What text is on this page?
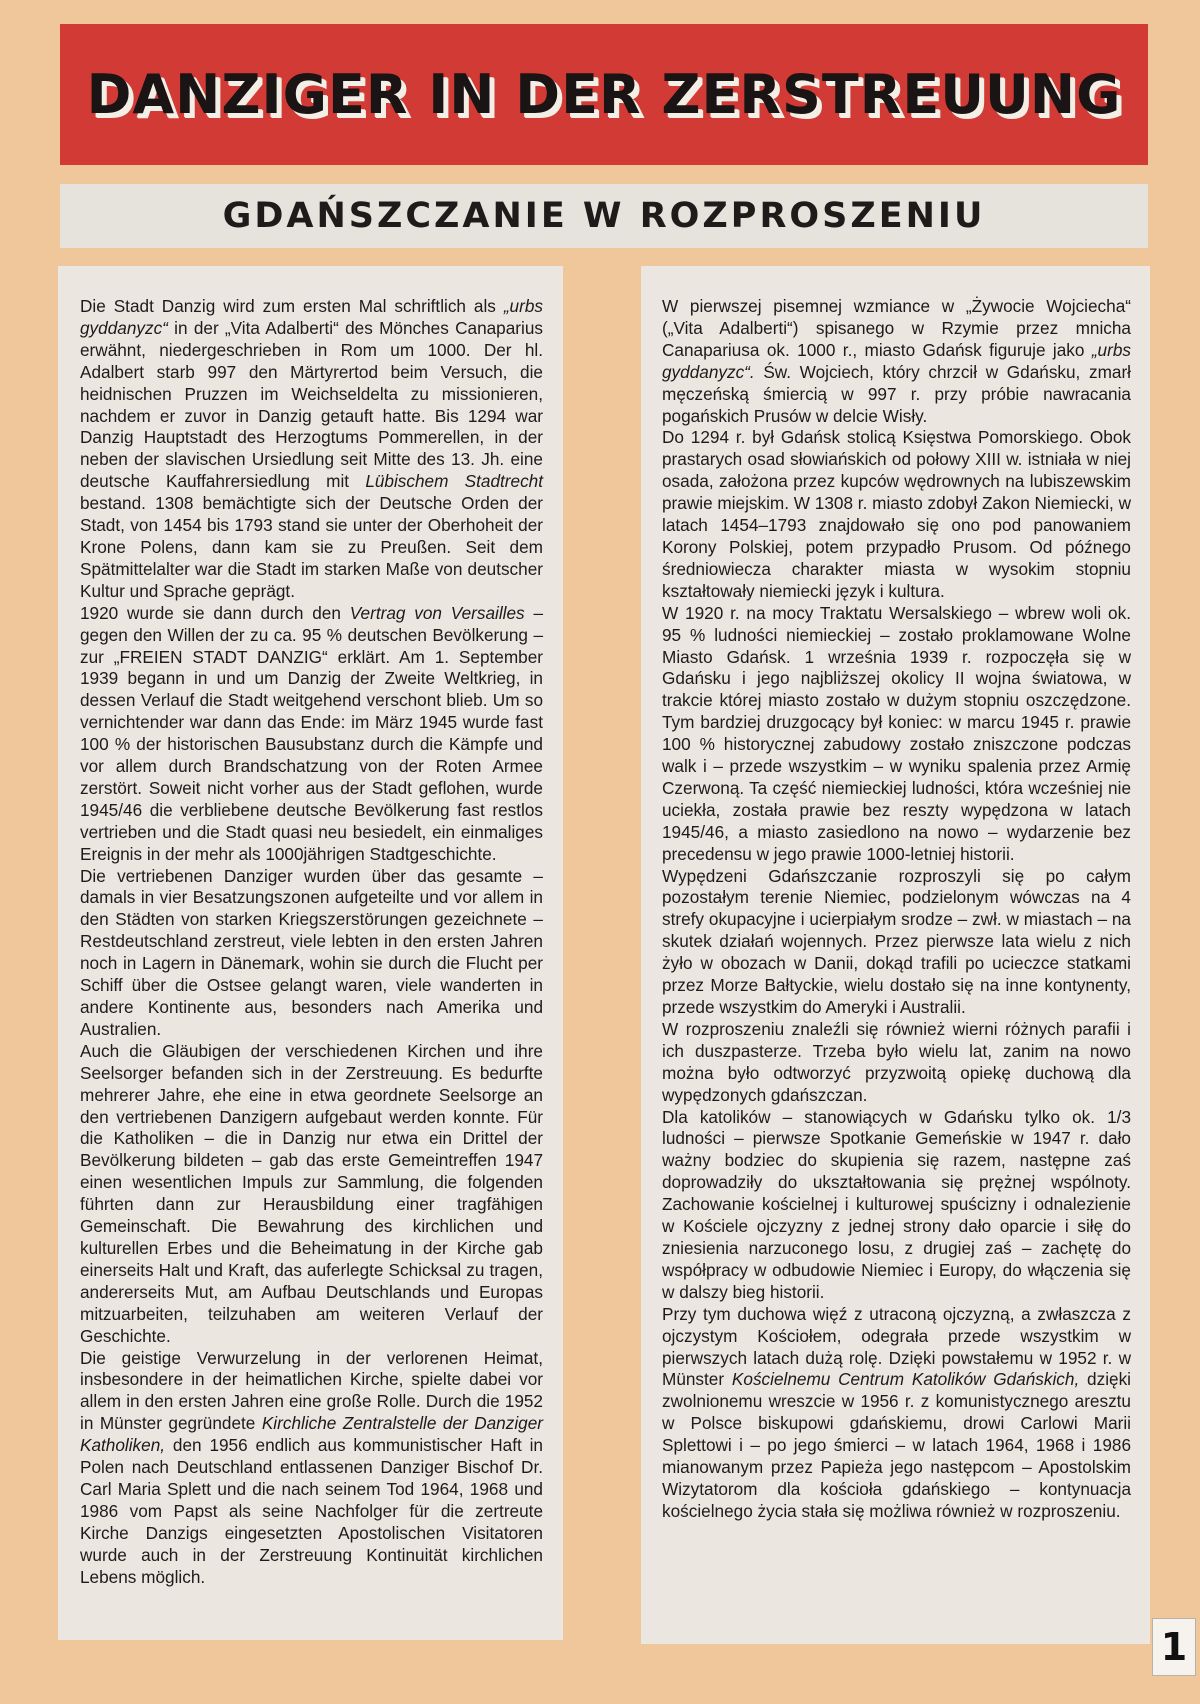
DANZIGER IN DER ZERSTREUUNG
GDAŃSZCZANIE W ROZPROSZENIU

Die Stadt Danzig wird zum ersten Mal schriftlich als „urbs gyddanyzc“ in der „Vita Adalberti“ des Mönches Canaparius erwähnt, niedergeschrieben in Rom um 1000. Der hl. Adalbert starb 997 den Märtyrertod beim Versuch, die heidnischen Pruzzen im Weichseldelta zu missionieren, nachdem er zuvor in Danzig getauft hatte. Bis 1294 war Danzig Hauptstadt des Herzogtums Pommerellen, in der neben der slavischen Ursiedlung seit Mitte des 13. Jh. eine deutsche Kauffahrersiedlung mit Lübischem Stadtrecht bestand. 1308 bemächtigte sich der Deutsche Orden der Stadt, von 1454 bis 1793 stand sie unter der Oberhoheit der Krone Polens, dann kam sie zu Preußen. Seit dem Spätmittelalter war die Stadt im starken Maße von deutscher Kultur und Sprache geprägt.

1920 wurde sie dann durch den Vertrag von Versailles – gegen den Willen der zu ca. 95 % deutschen Bevölkerung – zur „FREIEN STADT DANZIG“ erklärt. Am 1. September 1939 begann in und um Danzig der Zweite Weltkrieg, in dessen Verlauf die Stadt weitgehend verschont blieb. Um so vernichtender war dann das Ende: im März 1945 wurde fast 100 % der historischen Bausubstanz durch die Kämpfe und vor allem durch Brandschatzung von der Roten Armee zerstört. Soweit nicht vorher aus der Stadt geflohen, wurde 1945/46 die verbliebene deutsche Bevölkerung fast restlos vertrieben und die Stadt quasi neu besiedelt, ein einmaliges Ereignis in der mehr als 1000jährigen Stadtgeschichte.

Die vertriebenen Danziger wurden über das gesamte – damals in vier Besatzungszonen aufgeteilte und vor allem in den Städten von starken Kriegszerstörungen gezeichnete – Restdeutschland zerstreut, viele lebten in den ersten Jahren noch in Lagern in Dänemark, wohin sie durch die Flucht per Schiff über die Ostsee gelangt waren, viele wanderten in andere Kontinente aus, besonders nach Amerika und Australien.

Auch die Gläubigen der verschiedenen Kirchen und ihre Seelsorger befanden sich in der Zerstreuung. Es bedurfte mehrerer Jahre, ehe eine in etwa geordnete Seelsorge an den vertriebenen Danzigern aufgebaut werden konnte. Für die Katholiken – die in Danzig nur etwa ein Drittel der Bevölkerung bildeten – gab das erste Gemeintreffen 1947 einen wesentlichen Impuls zur Sammlung, die folgenden führten dann zur Herausbildung einer tragfähigen Gemeinschaft. Die Bewahrung des kirchlichen und kulturellen Erbes und die Beheimatung in der Kirche gab einerseits Halt und Kraft, das auferlegte Schicksal zu tragen, andererseits Mut, am Aufbau Deutschlands und Europas mitzuarbeiten, teilzuhaben am weiteren Verlauf der Geschichte.

Die geistige Verwurzelung in der verlorenen Heimat, insbesondere in der heimatlichen Kirche, spielte dabei vor allem in den ersten Jahren eine große Rolle. Durch die 1952 in Münster gegründete Kirchliche Zentralstelle der Danziger Katholiken, den 1956 endlich aus kommunistischer Haft in Polen nach Deutschland entlassenen Danziger Bischof Dr. Carl Maria Splett und die nach seinem Tod 1964, 1968 und 1986 vom Papst als seine Nachfolger für die zertreute Kirche Danzigs eingesetzten Apostolischen Visitatoren wurde auch in der Zerstreuung Kontinuität kirchlichen Lebens möglich.

W pierwszej pisemnej wzmiance w „Żywocie Wojciecha“ („Vita Adalberti“) spisanego w Rzymie przez mnicha Canapariusa ok. 1000 r., miasto Gdańsk figuruje jako „urbs gyddanyzc“. Św. Wojciech, który chrzcił w Gdańsku, zmarł męczeńską śmiercią w 997 r. przy próbie nawracania pogańskich Prusów w delcie Wisły.

Do 1294 r. był Gdańsk stolicą Księstwa Pomorskiego. Obok prastarych osad słowiańskich od połowy XIII w. istniała w niej osada, założona przez kupców wędrownych na lubiszewskim prawie miejskim. W 1308 r. miasto zdobył Zakon Niemiecki, w latach 1454–1793 znajdowało się ono pod panowaniem Korony Polskiej, potem przypadło Prusom. Od późnego średniowiecza charakter miasta w wysokim stopniu kształtowały niemiecki język i kultura.

W 1920 r. na mocy Traktatu Wersalskiego – wbrew woli ok. 95 % ludności niemieckiej – zostało proklamowane Wolne Miasto Gdańsk. 1 września 1939 r. rozpoczęła się w Gdańsku i jego najbliższej okolicy II wojna światowa, w trakcie której miasto zostało w dużym stopniu oszczędzone. Tym bardziej druzgocący był koniec: w marcu 1945 r. prawie 100 % historycznej zabudowy zostało zniszczone podczas walk i – przede wszystkim – w wyniku spalenia przez Armię Czerwoną. Ta część niemieckiej ludności, która wcześniej nie uciekła, została prawie bez reszty wypędzona w latach 1945/46, a miasto zasiedlono na nowo – wydarzenie bez precedensu w jego prawie 1000-letniej historii.

Wypędzeni Gdańszczanie rozproszyli się po całym pozostałym terenie Niemiec, podzielonym wówczas na 4 strefy okupacyjne i ucierpiałym srodze – zwł. w miastach – na skutek działań wojennych. Przez pierwsze lata wielu z nich żyło w obozach w Danii, dokąd trafili po ucieczce statkami przez Morze Bałtyckie, wielu dostało się na inne kontynenty, przede wszystkim do Ameryki i Australii.

W rozproszeniu znaleźli się również wierni różnych parafii i ich duszpasterze. Trzeba było wielu lat, zanim na nowo można było odtworzyć przyzwoitą opiekę duchową dla wypędzonych gdańszczan.

Dla katolików – stanowiących w Gdańsku tylko ok. 1/3 ludności – pierwsze Spotkanie Gemeńskie w 1947 r. dało ważny bodziec do skupienia się razem, następne zaś doprowadziły do ukształtowania się prężnej wspólnoty. Zachowanie kościelnej i kulturowej spuścizny i odnalezienie w Kościele ojczyzny z jednej strony dało oparcie i siłę do zniesienia narzuconego losu, z drugiej zaś – zachętę do współpracy w odbudowie Niemiec i Europy, do włączenia się w dalszy bieg historii.

Przy tym duchowa więź z utraconą ojczyzną, a zwłaszcza z ojczystym Kościołem, odegrała przede wszystkim w pierwszych latach dużą rolę. Dzięki powstałemu w 1952 r. w Münster Kościelnemu Centrum Katolików Gdańskich, dzięki zwolnionemu wreszcie w 1956 r. z komunistycznego aresztu w Polsce biskupowi gdańskiemu, drowi Carlowi Marii Splettowi i – po jego śmierci – w latach 1964, 1968 i 1986 mianowanym przez Papieża jego następcom – Apostolskim Wizytatorom dla kościoła gdańskiego – kontynuacja kościelnego życia stała się możliwa również w rozproszeniu.

1
